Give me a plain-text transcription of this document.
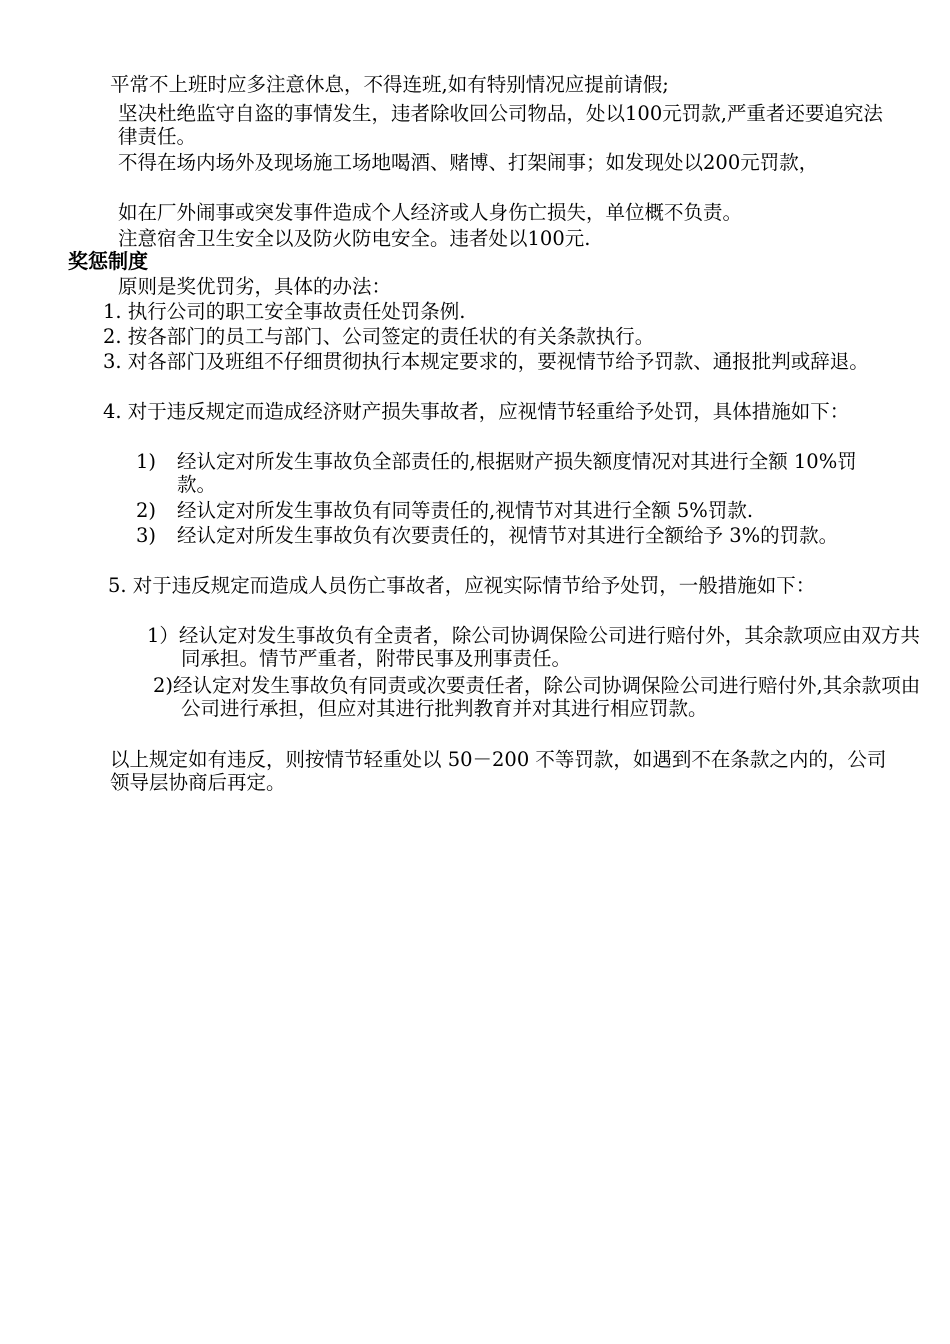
平常不上班时应多注意休息，不得连班,如有特别情况应提前请假;

坚决杜绝监守自盗的事情发生，违者除收回公司物品，处以100元罚款,严重者还要追究法律责任。

不得在场内场外及现场施工场地喝酒、赌博、打架闹事；如发现处以200元罚款，

如在厂外闹事或突发事件造成个人经济或人身伤亡损失，单位概不负责。

注意宿舍卫生安全以及防火防电安全。违者处以100元.

奖惩制度

原则是奖优罚劣，具体的办法：

1. 执行公司的职工安全事故责任处罚条例.

2. 按各部门的员工与部门、公司签定的责任状的有关条款执行。

3. 对各部门及班组不仔细贯彻执行本规定要求的，要视情节给予罚款、通报批判或辞退。

4. 对于违反规定而造成经济财产损失事故者，应视情节轻重给予处罚，具体措施如下：

1) 经认定对所发生事故负全部责任的,根据财产损失额度情况对其进行全额 10%罚款。

2) 经认定对所发生事故负有同等责任的,视情节对其进行全额 5%罚款.

3) 经认定对所发生事故负有次要责任的，视情节对其进行全额给予 3%的罚款。

5. 对于违反规定而造成人员伤亡事故者，应视实际情节给予处罚，一般措施如下：

1）经认定对发生事故负有全责者，除公司协调保险公司进行赔付外，其余款项应由双方共同承担。情节严重者，附带民事及刑事责任。

2)经认定对发生事故负有同责或次要责任者，除公司协调保险公司进行赔付外,其余款项由公司进行承担，但应对其进行批判教育并对其进行相应罚款。

以上规定如有违反，则按情节轻重处以 50－200 不等罚款，如遇到不在条款之内的，公司领导层协商后再定。
